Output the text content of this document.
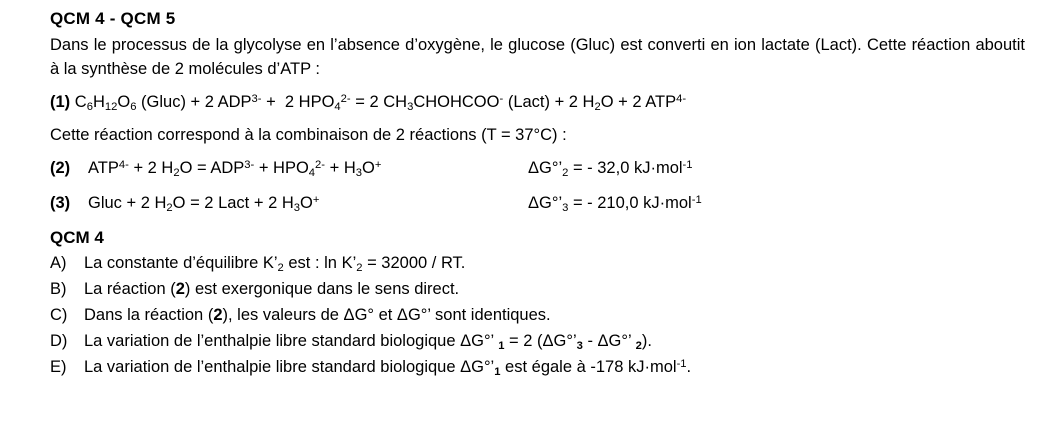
QCM 4 - QCM 5
Dans le processus de la glycolyse en l’absence d’oxygène, le glucose (Gluc) est converti en ion lactate (Lact). Cette réaction aboutit à la synthèse de 2 molécules d’ATP :
(1) $C_6H_{12}O_6$ (Gluc) + 2 $ADP^{3-} + 2$ $HPO_4^{2-} = 2$ $CH_3CHOHCOO^-$ (Lact) + 2 $H_2O + 2$ $ATP^{4-}$
Cette réaction correspond à la combinaison de 2 réactions (T = 37°C) :
(2)	$ATP^{4-} + 2$ $H_2O = ADP^{3-} + HPO_4^{2-} + H_3O^+$	$\Delta G^\circ’_2$ = - 32,0 kJ·mol$^{-1}$
(3)	Gluc + 2 $H_2O = 2$ Lact + 2 $H_3O^+$	$\Delta G^\circ’_3$ = - 210,0 kJ·mol$^{-1}$
QCM 4
A)	La constante d’équilibre $K’_2$ est : $\ln K’_2 = 32000$ / RT.
B)	La réaction (2) est exergonique dans le sens direct.
C)	Dans la réaction (2), les valeurs de ΔG° et ΔG°’ sont identiques.
D)	La variation de l’enthalpie libre standard biologique ΔG°’ $_1$ = 2 ($\Delta G^\circ’_3 - \Delta G^\circ$’ $_2$).
E)	La variation de l’enthalpie libre standard biologique $\Delta G^\circ’_1$ est égale à -178 kJ·mol$^{-1}$.
